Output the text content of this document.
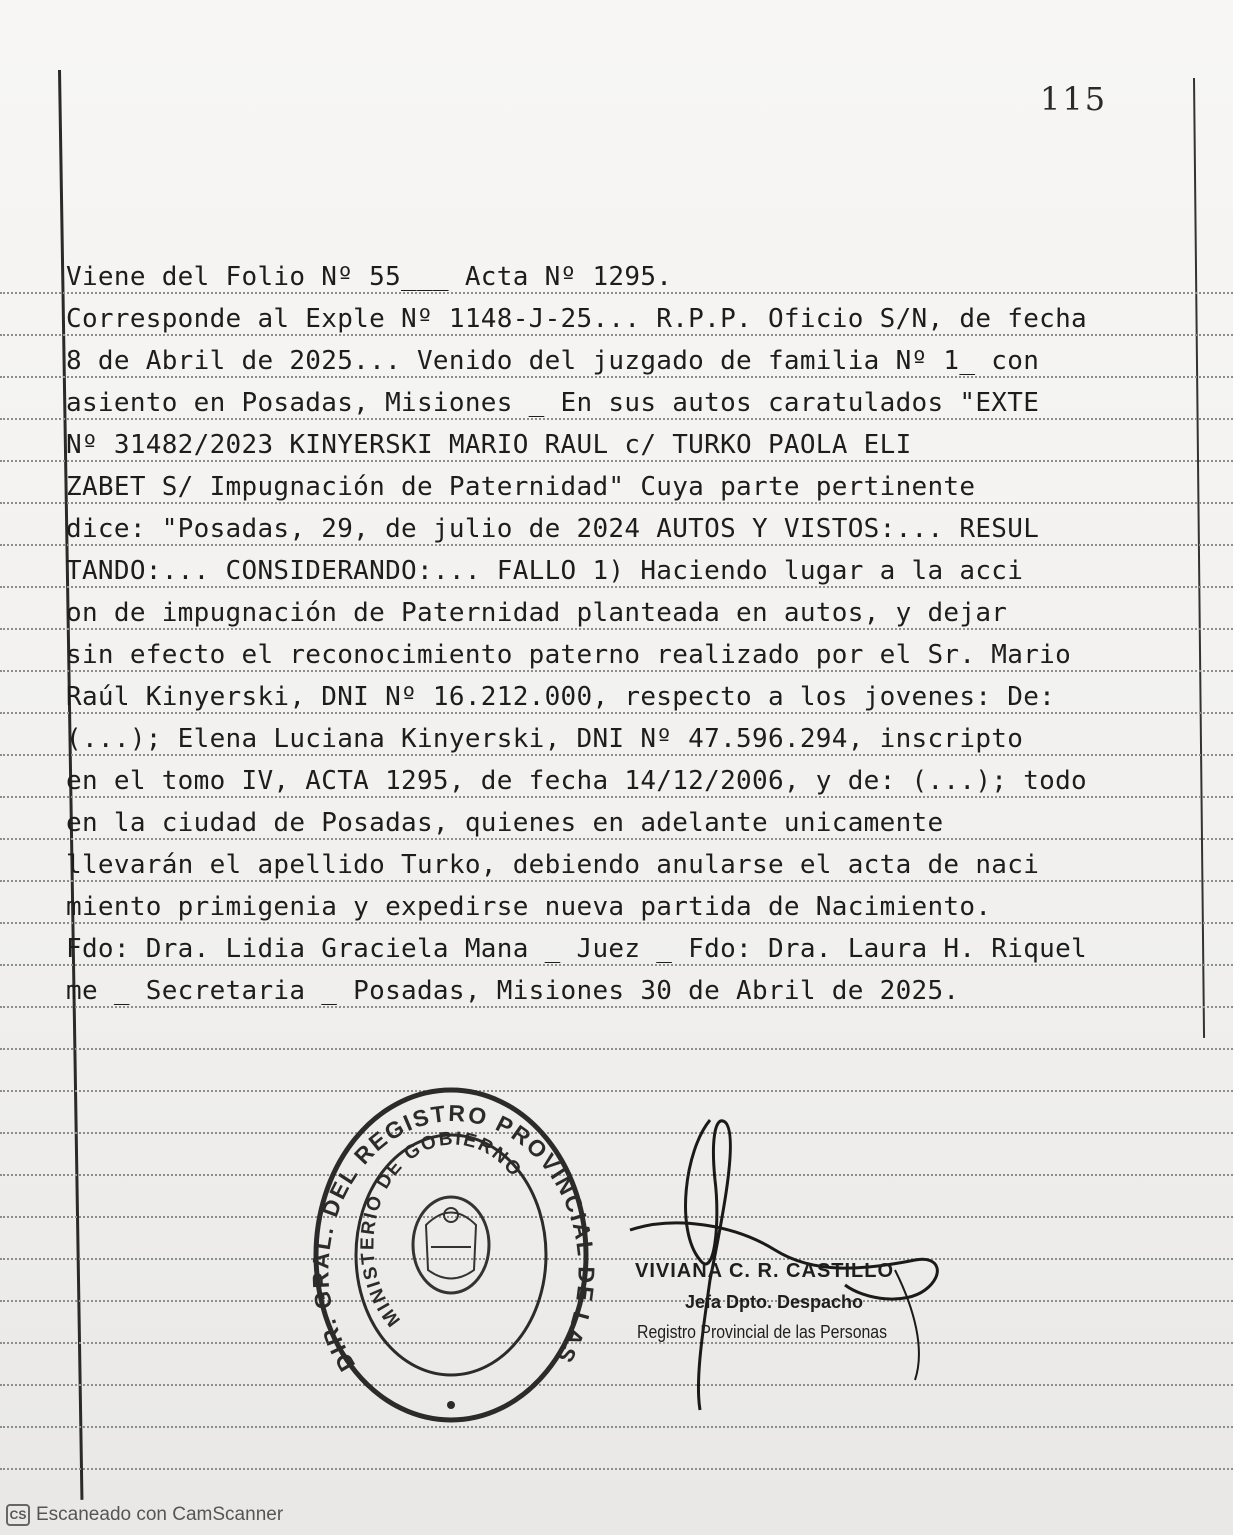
115
Viene del Folio Nº 55___ Acta Nº 1295.
Corresponde al Exple Nº 1148-J-25... R.P.P. Oficio S/N, de fecha
8 de Abril de 2025... Venido del juzgado de familia Nº 1_ con
asiento en Posadas, Misiones _ En sus autos caratulados "EXTE
Nº 31482/2023 KINYERSKI MARIO RAUL c/ TURKO PAOLA ELI
ZABET S/ Impugnación de Paternidad" Cuya parte pertinente
dice: "Posadas, 29, de julio de 2024 AUTOS Y VISTOS:... RESUL
TANDO:... CONSIDERANDO:... FALLO 1) Haciendo lugar a la acci
on de impugnación de Paternidad planteada en autos, y dejar
sin efecto el reconocimiento paterno realizado por el Sr. Mario
Raúl Kinyerski, DNI Nº 16.212.000, respecto a los jovenes: De:
(...); Elena Luciana Kinyerski, DNI Nº 47.596.294, inscripto
en el tomo IV, ACTA 1295, de fecha 14/12/2006, y de: (...); todo
en la ciudad de Posadas, quienes en adelante unicamente
llevarán el apellido Turko, debiendo anularse el acta de naci
miento primigenia y expedirse nueva partida de Nacimiento.
Fdo: Dra. Lidia Graciela Mana _ Juez _ Fdo: Dra. Laura H. Riquel
me _ Secretaria _ Posadas, Misiones 30 de Abril de 2025.
DIR. GRAL. DEL REGISTRO PROVINCIA LAS
MINISTERIO DE GOBIERNO
VIVIANA C. R. CASTILLO
Jefa Dpto. Despacho
Registro Provincial de las Personas
CS Escaneado con CamScanner
